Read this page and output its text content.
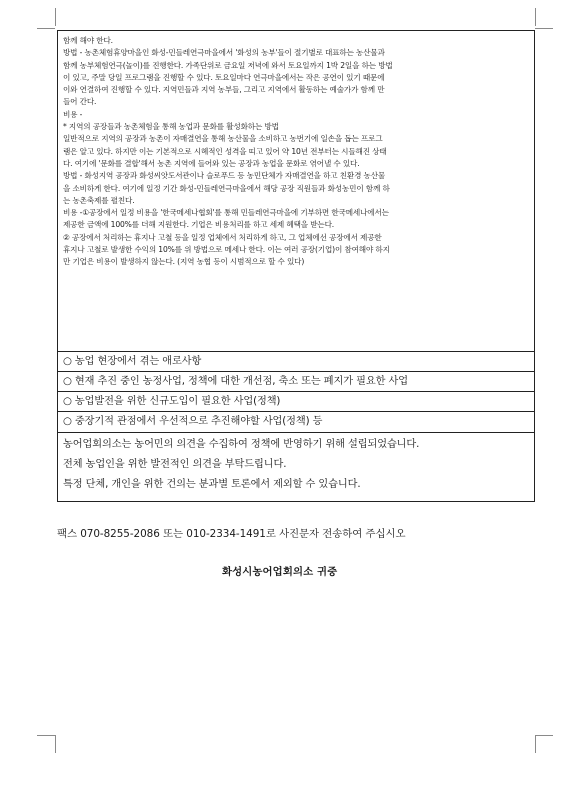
함께 해야 한다.

방법 - 농촌체험휴양마을인 화성-민들레연극마을에서 '화성의 농부'들이 절기별로 대표하는 농산물과

함께 농부체험연극(놀이)를 진행한다. 가족단위로 금요일 저녁에 와서 토요일까지 1박 2일을 하는 방법

이 있고, 주말 당일 프로그램을 진행할 수 있다. 토요일마다 연극마을에서는 작은 공연이 있기 때문에

이와 연결하여 진행할 수 있다. 지역민들과 지역 농부들, 그리고 지역에서 활동하는 예술가가 함께 만

들어 간다.

비용 -

* 지역의 공장들과 농촌체험을 통해 농업과 문화를 활성화하는 방법

일반적으로 지역의 공장과 농촌이 자매결연을 통해 농산물을 소비하고 농번기에 일손을 돕는 프로그

램은 알고 있다. 하지만 이는 기본적으로 시혜적인 성격을 띠고 있어 약 10년 전부터는 시들해진 상태

다. 여기에 '문화를 결합'해서 농촌 지역에 들어와 있는 공장과 농업을 문화로 엮어낼 수 있다.

방법 - 화성지역 공장과 화성씨앗도서관이나 슬로푸드 등 농민단체가 자매결연을 하고 친환경 농산물

을 소비하게 한다. 여기에 일정 기간 화성-민들레연극마을에서 해당 공장 직원들과 화성농민이 함께 하

는 농촌축제를 펼친다.

비용 -①공장에서 일정 비용을 '한국메세나협회'를 통해 민들레연극마을에 기부하면 한국메세나에서는

제공한 금액에 100%를 더해 지원한다. 기업은 비용처리를 하고 세제 혜택을 받는다.

② 공장에서 처리하는 휴지나 고철 등을 일정 업체에서 처리하게 하고, 그 업체에선 공장에서 제공한

휴지나 고철로 발생한 수익의 10%를 위 방법으로 메세나 한다. 이는 여러 공장(기업)이 참여해야 하지

만 기업은 비용이 발생하지 않는다. (지역 농협 등이 시범적으로 할 수 있다)

○ 농업 현장에서 겪는 애로사항
○ 현재 추진 중인 농정사업, 정책에 대한 개선점, 축소 또는 폐지가 필요한 사업
○ 농업발전을 위한 신규도입이 필요한 사업(정책)
○ 중장기적 관점에서 우선적으로 추진해야할 사업(정책) 등

농어업회의소는 농어민의 의견을 수집하여 정책에 반영하기 위해 설립되었습니다.

전체 농업인을 위한 발전적인 의견을 부탁드립니다.

특정 단체, 개인을 위한 건의는 분과별 토론에서 제외할 수 있습니다.

팩스 070-8255-2086 또는 010-2334-1491로 사진문자 전송하여 주십시오
화성시농어업회의소 귀중
